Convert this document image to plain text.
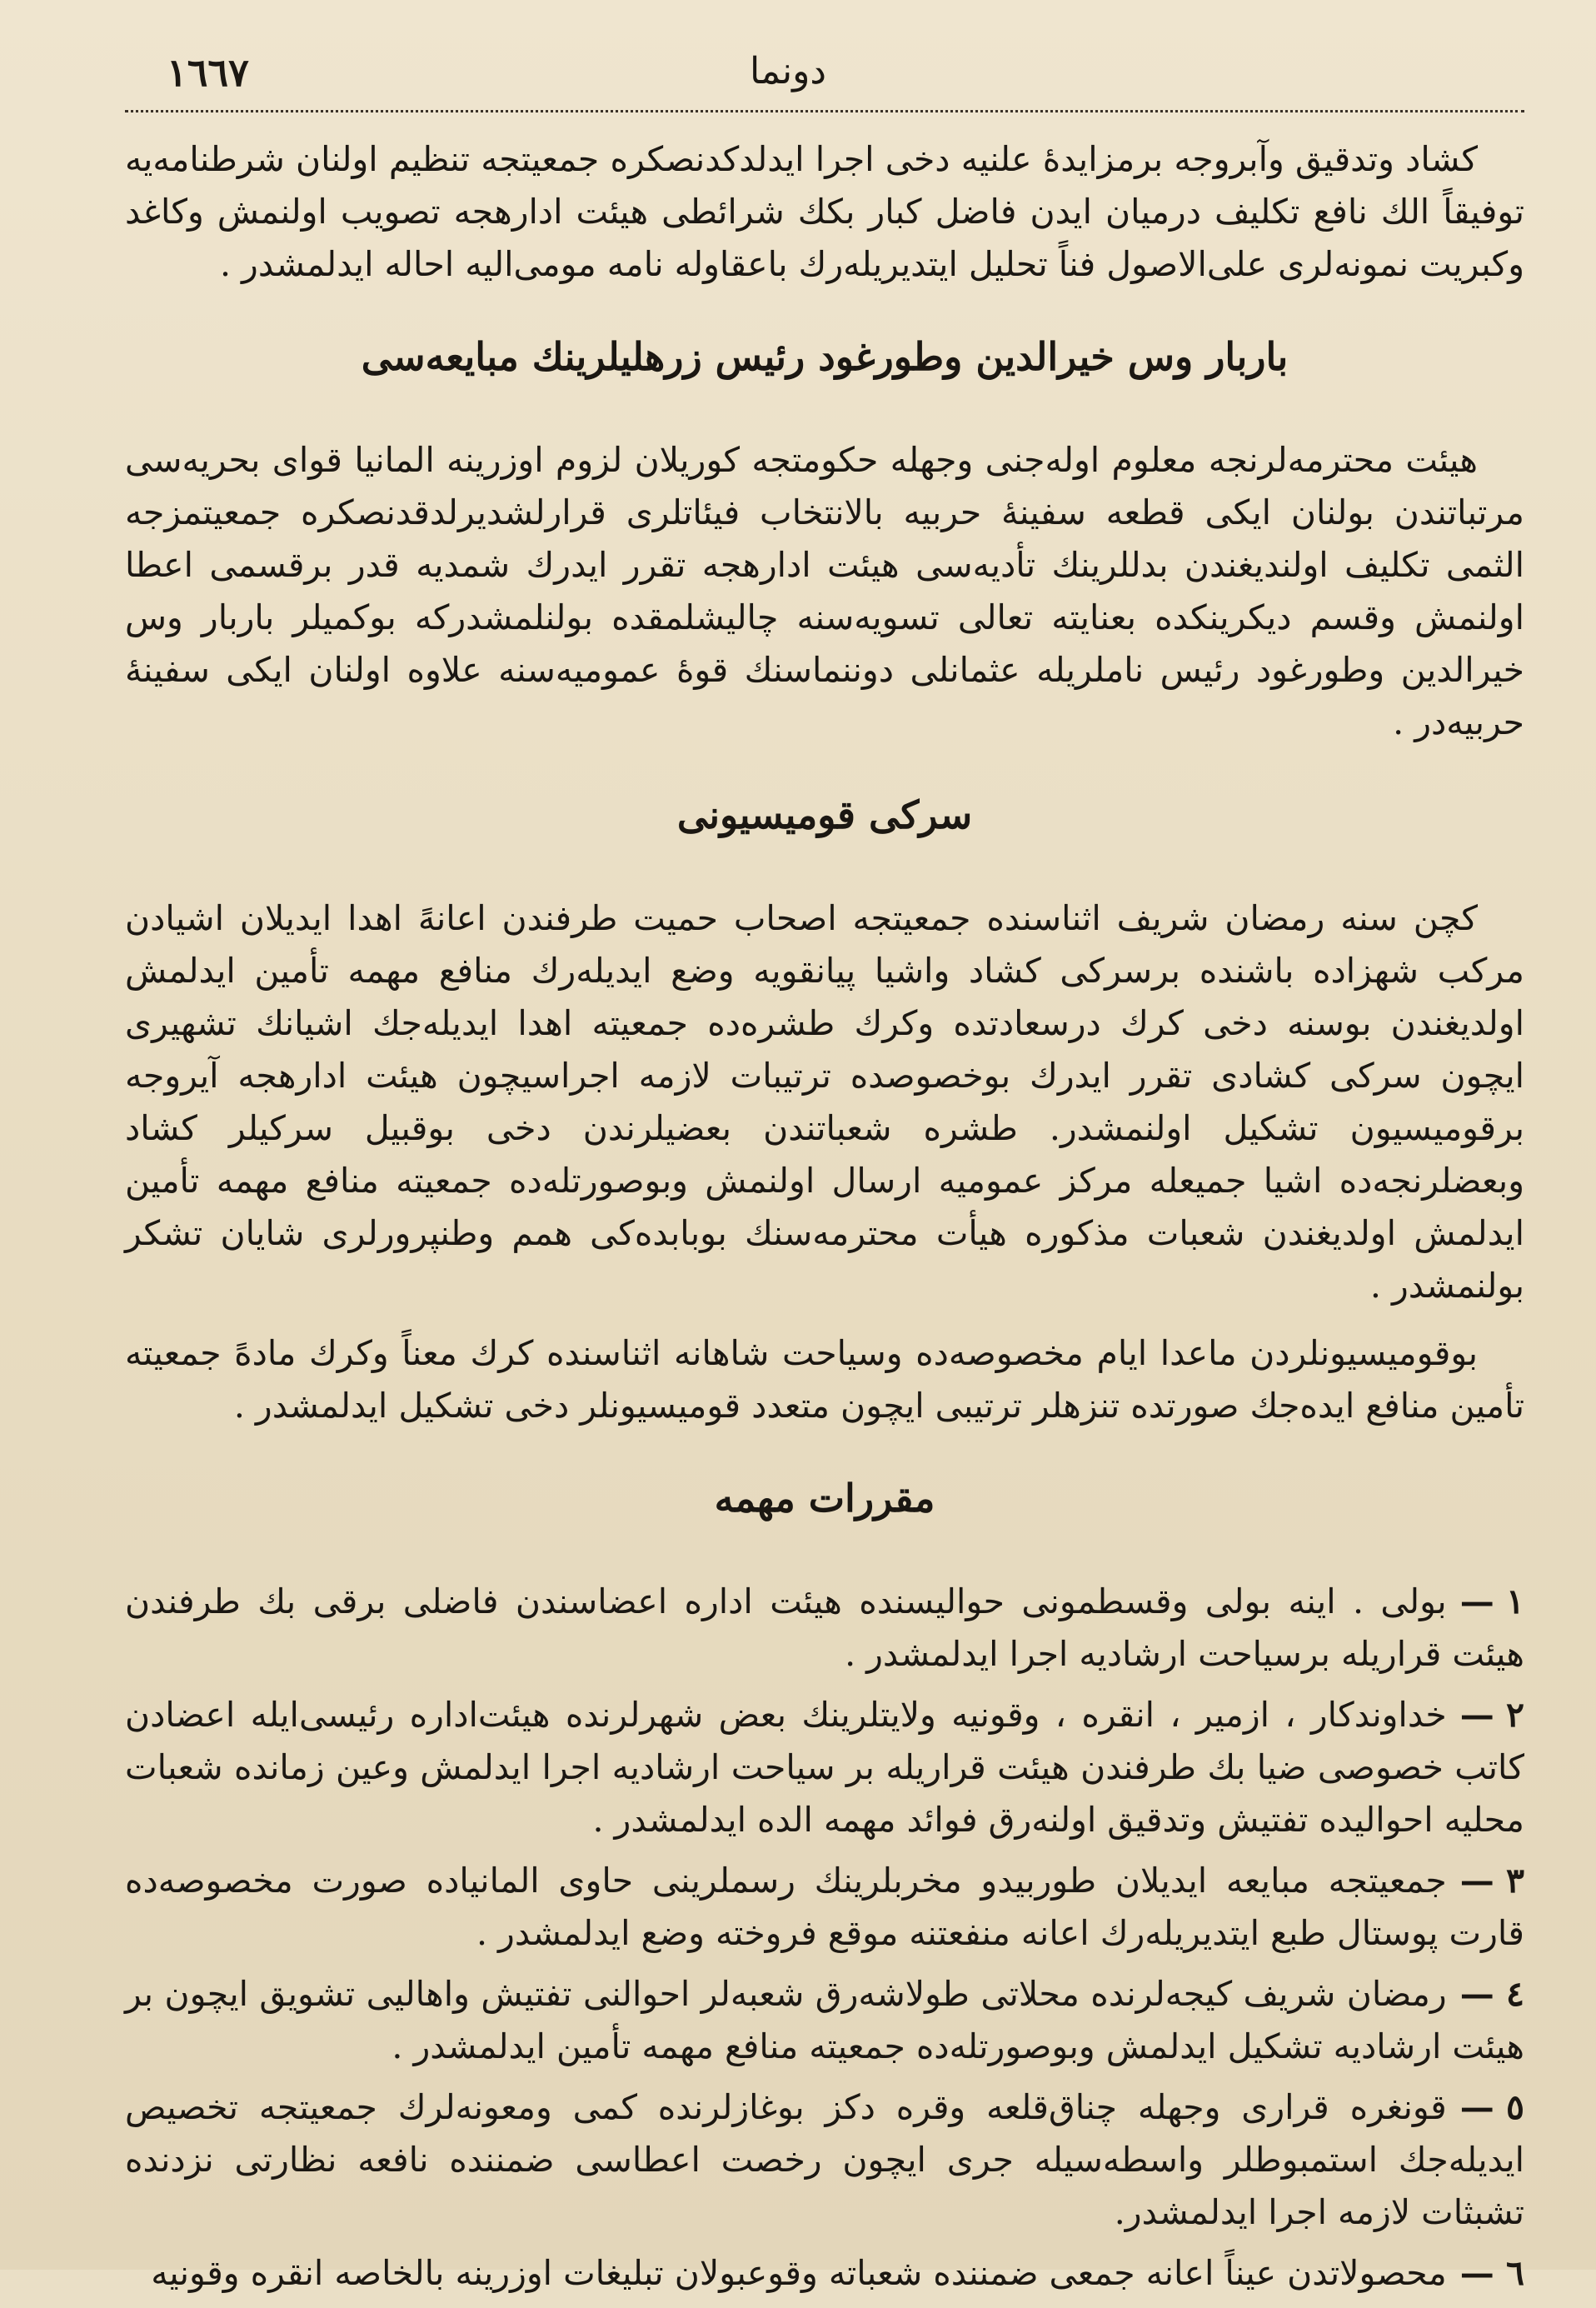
١٦٦٧	دونما

كشاد وتدقيق وآبروجه برمزايدهٔ علنيه دخى اجرا ايدلدكدنصكره جمعيتجه تنظيم اولنان شرطنامه‌يه توفيقاً الك نافع تكليف درميان ايدن فاضل كبار بكك شرائطى هيئت ادارهجه تصويب اولنمش وكاغد وكبريت نمونه‌لرى على‌الاصول فناً تحليل ايتديريله‌رك باعقاوله نامه مومى‌اليه احاله ايدلمشدر .

باربار وس خيرالدين وطورغود رئيس زرهليلرينك مبايعه‌سى

هيئت محترمه‌لرنجه معلوم اوله‌جنى وجهله حكومتجه كوريلان لزوم اوزرينه المانيا قواى بحريه‌سى مرتباتندن بولنان ايكى قطعه سفينهٔ حربيه بالانتخاب فيئاتلرى قرارلشديرلدقدنصكره جمعيتمزجه الثمى تكليف اولنديغندن بدللرينك تأديه‌سى هيئت ادارهجه تقرر ايدرك شمديه قدر برقسمى اعطا اولنمش وقسم ديكرينكده بعنايته تعالى تسويه‌سنه چاليشلمقده بولنلمشدركه بوكميلر باربار وس خيرالدين وطورغود رئيس ناملريله عثمانلى دوننماسنك قوهٔ عموميه‌سنه علاوه اولنان ايكى سفينهٔ حربيه‌در .

سركى قوميسيونى

كچن سنه رمضان شريف اثناسنده جمعيتجه اصحاب حميت طرفندن اعانهً اهدا ايديلان اشيادن مركب شهزاده باشنده برسركى كشاد واشيا پيانقويه وضع ايديله‌رك منافع مهمه تأمين ايدلمش اولديغندن بوسنه دخى كرك درسعادتده وكرك طشره‌ده جمعيته اهدا ايديله‌جك اشيانك تشهيرى ايچون سركى كشادى تقرر ايدرك بوخصوصده ترتيبات لازمه اجراسيچون هيئت ادارهجه آيروجه برقوميسيون تشكيل اولنمشدر. طشره شعباتندن بعضيلرندن دخى بوقبيل سركيلر كشاد وبعضلرنجه‌ده اشيا جميعله مركز عموميه ارسال اولنمش وبوصورتله‌ده جمعيته منافع مهمه تأمين ايدلمش اولديغندن شعبات مذكوره هيأت محترمه‌سنك بوبابده‌كى همم وطنپرورلرى شايان تشكر بولنمشدر .

بوقوميسيونلردن ماعدا ايام مخصوصه‌ده وسياحت شاهانه اثناسنده كرك معناً وكرك مادهً جمعيته تأمين منافع ايده‌جك صورتده تنزهلر ترتيبى ايچون متعدد قوميسيونلر دخى تشكيل ايدلمشدر .

مقررات مهمه

١ —بولى . اينه بولى وقسطمونى حواليسنده هيئت اداره اعضاسندن فاضلى برقى بك طرفندن هيئت قراريله برسياحت ارشاديه اجرا ايدلمشدر .

٢ —خداوندكار ، ازمير ، انقره ، وقونيه ولايتلرينك بعض شهرلرنده هيئت‌اداره رئيسى‌ايله اعضادن كاتب خصوصى ضيا بك طرفندن هيئت قراريله بر سياحت ارشاديه اجرا ايدلمش وعين زمانده شعبات محليه احواليده تفتيش وتدقيق اولنه‌رق فوائد مهمه الده ايدلمشدر .

٣ —جمعيتجه مبايعه ايديلان طوربيدو مخربلرينك رسملرينى حاوى المانياده صورت مخصوصه‌ده قارت پوستال طبع ايتديريله‌رك اعانه منفعتنه موقع فروخته وضع ايدلمشدر .

٤ —رمضان شريف كيجه‌لرنده محلاتى طولاشه‌رق شعبه‌لر احوالنى تفتيش واهاليى تشويق ايچون بر هيئت ارشاديه تشكيل ايدلمش وبوصورتله‌ده جمعيته منافع مهمه تأمين ايدلمشدر .

٥ —قونغره قرارى وجهله چناق‌قلعه وقره دكز بوغازلرنده كمى ومعونه‌لرك جمعيتجه تخصيص ايديله‌جك استمبوطلر واسطه‌سيله جرى ايچون رخصت اعطاسى ضمننده نافعه نظارتى نزدنده تشبثات لازمه اجرا ايدلمشدر.

٦ —محصولاتدن عيناً اعانه جمعى ضمننده شعباته وقوعبولان تبليغات اوزرينه بالخاصه انقره وقونيه
